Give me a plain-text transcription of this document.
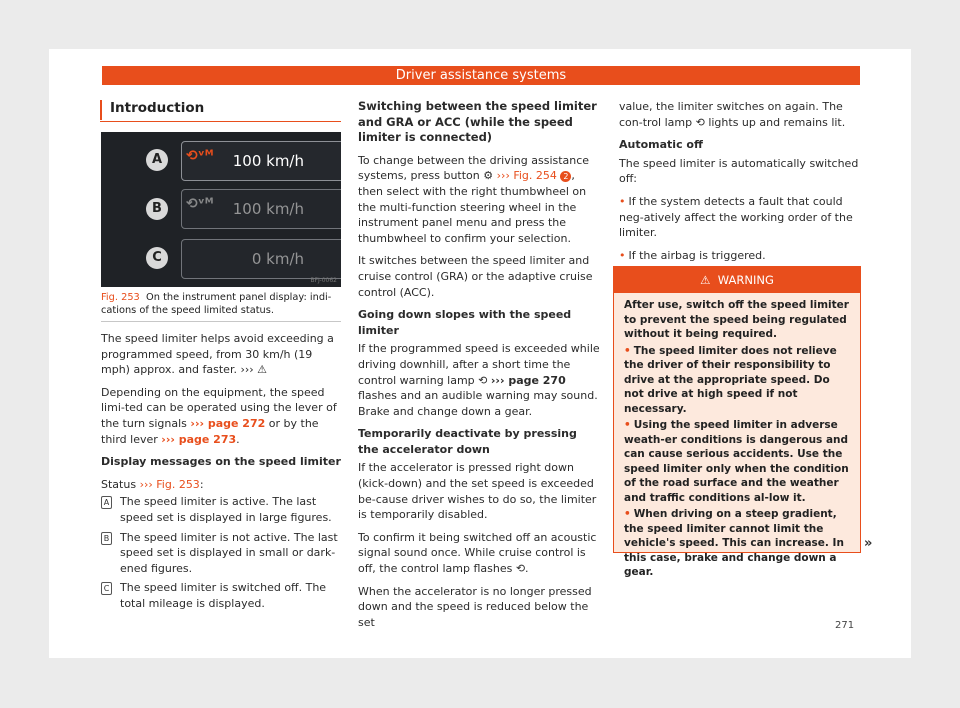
Driver assistance systems
Introduction
A	⟲ᵛᴹ 100 km/h
B	⟲ᵛᴹ 100 km/h
C	0 km/h
BFJ-0062
Fig. 253 On the instrument panel display: indi-cations of the speed limited status.

The speed limiter helps avoid exceeding a programmed speed, from 30 km/h (19 mph) approx. and faster. ››› ⚠

Depending on the equipment, the speed limi-ted can be operated using the lever of the turn signals ››› page 272 or by the third lever ››› page 273.

Display messages on the speed limiter

Status ››› Fig. 253:

A The speed limiter is active. The last speed set is displayed in large figures.
B The speed limiter is not active. The last speed set is displayed in small or dark-ened figures.
C The speed limiter is switched off. The total mileage is displayed.

Switching between the speed limiter and GRA or ACC (while the speed limiter is connected)

To change between the driving assistance systems, press button ⚙ ››› Fig. 254 2 , then select with the right thumbwheel on the multi-function steering wheel in the instrument panel menu and press the thumbwheel to confirm your selection.

It switches between the speed limiter and cruise control (GRA) or the adaptive cruise control (ACC).

Going down slopes with the speed limiter

If the programmed speed is exceeded while driving downhill, after a short time the control warning lamp ⟲ ››› page 270 flashes and an audible warning may sound. Brake and change down a gear.

Temporarily deactivate by pressing the accelerator down

If the accelerator is pressed right down (kick-down) and the set speed is exceeded be-cause driver wishes to do so, the limiter is temporarily disabled.

To confirm it being switched off an acoustic signal sound once. While cruise control is off, the control lamp flashes ⟲.

When the accelerator is no longer pressed down and the speed is reduced below the set

value, the limiter switches on again. The con-trol lamp ⟲ lights up and remains lit.

Automatic off

The speed limiter is automatically switched off:

• If the system detects a fault that could neg-atively affect the working order of the limiter.

• If the airbag is triggered.

⚠ WARNING

After use, switch off the speed limiter to prevent the speed being regulated without it being required.

• The speed limiter does not relieve the driver of their responsibility to drive at the appropriate speed. Do not drive at high speed if not necessary.

• Using the speed limiter in adverse weath-er conditions is dangerous and can cause serious accidents. Use the speed limiter only when the condition of the road surface and the weather and traffic conditions al-low it.

• When driving on a steep gradient, the speed limiter cannot limit the vehicle's speed. This can increase. In this case, brake and change down a gear.

»
271
